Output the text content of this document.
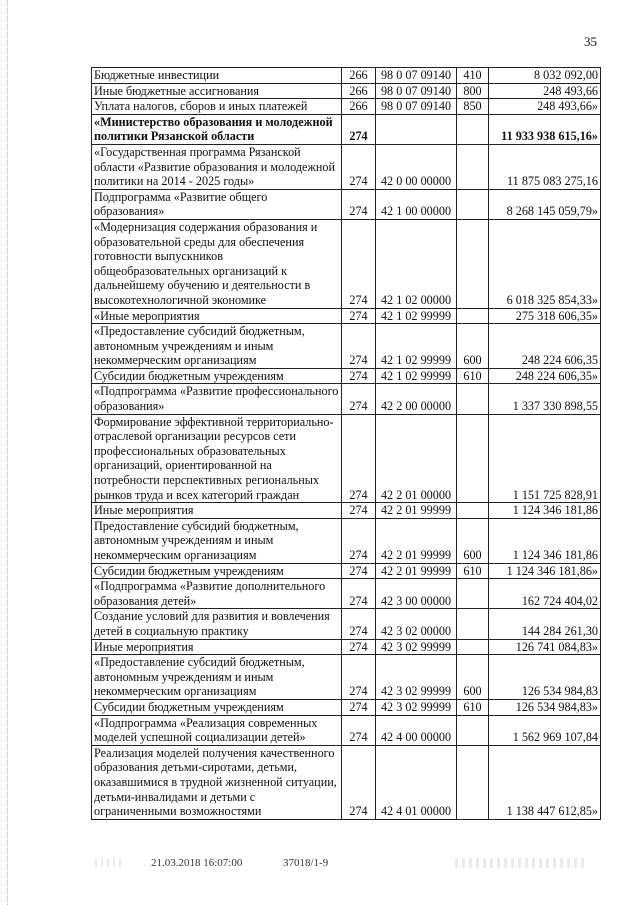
35
Бюджетные инвестиции	266	98 0 07 09140	410	8 032 092,00
Иные бюджетные ассигнования	266	98 0 07 09140	800	248 493,66
Уплата налогов, сборов и иных платежей	266	98 0 07 09140	850	248 493,66»
«Министерство образования и молодежной политики Рязанской области	274			11 933 938 615,16»
«Государственная программа Рязанской области «Развитие образования и молодежной политики на 2014 - 2025 годы»	274	42 0 00 00000		11 875 083 275,16
Подпрограмма «Развитие общего образования»	274	42 1 00 00000		8 268 145 059,79»
«Модернизация содержания образования и образовательной среды для обеспечения готовности выпускников общеобразовательных организаций к дальнейшему обучению и деятельности в высокотехнологичной экономике	274	42 1 02 00000		6 018 325 854,33»
«Иные мероприятия	274	42 1 02 99999		275 318 606,35»
«Предоставление субсидий бюджетным, автономным учреждениям и иным некоммерческим организациям	274	42 1 02 99999	600	248 224 606,35
Субсидии бюджетным учреждениям	274	42 1 02 99999	610	248 224 606,35»
«Подпрограмма «Развитие профессионального образования»	274	42 2 00 00000		1 337 330 898,55
Формирование эффективной территориально-отраслевой организации ресурсов сети профессиональных образовательных организаций, ориентированной на потребности перспективных региональных рынков труда и всех категорий граждан	274	42 2 01 00000		1 151 725 828,91
Иные мероприятия	274	42 2 01 99999		1 124 346 181,86
Предоставление субсидий бюджетным, автономным учреждениям и иным некоммерческим организациям	274	42 2 01 99999	600	1 124 346 181,86
Субсидии бюджетным учреждениям	274	42 2 01 99999	610	1 124 346 181,86»
«Подпрограмма «Развитие дополнительного образования детей»	274	42 3 00 00000		162 724 404,02
Создание условий для развития и вовлечения детей в социальную практику	274	42 3 02 00000		144 284 261,30
Иные мероприятия	274	42 3 02 99999		126 741 084,83»
«Предоставление субсидий бюджетным, автономным учреждениям и иным некоммерческим организациям	274	42 3 02 99999	600	126 534 984,83
Субсидии бюджетным учреждениям	274	42 3 02 99999	610	126 534 984,83»
«Подпрограмма «Реализация современных моделей успешной социализации детей»	274	42 4 00 00000		1 562 969 107,84
Реализация моделей получения качественного образования детьми-сиротами, детьми, оказавшимися в трудной жизненной ситуации, детьми-инвалидами и детьми с ограниченными возможностями	274	42 4 01 00000		1 138 447 612,85»
21.03.2018 16:07:00	37018/1-9
